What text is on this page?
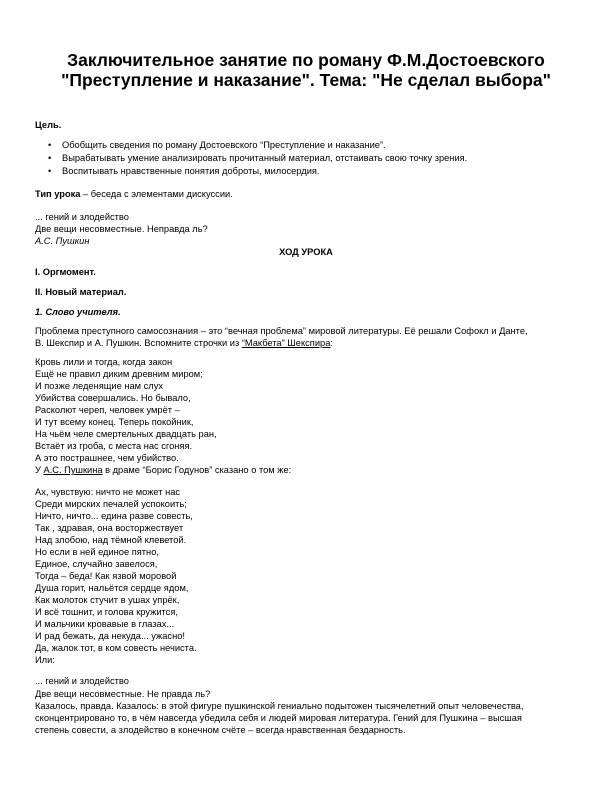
Заключительное занятие по роману Ф.М.Достоевского "Преступление и наказание". Тема: "Не сделал выбора"
Цель.
• Обобщить сведения по роману Достоевского “Преступление и наказание”.
• Вырабатывать умение анализировать прочитанный материал, отстаивать свою точку зрения.
• Воспитывать нравственные понятия доброты, милосердия.
Тип урока – беседа с элементами дискуссии.
... гений и злодейство
Две вещи несовместные. Неправда ль?
А.С. Пушкин
ХОД УРОКА
I. Оргмомент.
II. Новый материал.
1. Слово учителя.
Проблема преступного самосознания – это “вечная проблема” мировой литературы. Её решали Софокл и Данте,
В. Шекспир и А. Пушкин. Вспомните строчки из “Макбета” Шекспира:
Кровь лили и тогда, когда закон
Ещё не правил диким древним миром;
И позже леденящие нам слух
Убийства совершались. Но бывало,
Расколют череп, человек умрёт –
И тут всему конец. Теперь покойник,
На чьём челе смертельных двадцать ран,
Встаёт из гроба, с места нас сгоняя.
А это пострашнее, чем убийство.
У А.С. Пушкина в драме “Борис Годунов” сказано о том же:
Ах, чувствую: ничто не может нас
Среди мирских печалей успокоить;
Ничто, ничто... едина разве совесть,
Так , здравая, она восторжествует
Над злобою, над тёмной клеветой.
Но если в ней единое пятно,
Единое, случайно завелося,
Тогда – беда! Как язвой моровой
Душа горит, нальётся сердце ядом,
Как молоток стучит в ушах упрёк,
И всё тошнит, и голова кружится,
И мальчики кровавые в глазах...
И рад бежать, да некуда... ужасно!
Да, жалок тот, в ком совесть нечиста.
Или:
... гений и злодейство
Две вещи несовместные. Не правда ль?
Казалось, правда. Казалось: в этой фигуре пушкинской гениально подытожен тысячелетний опыт человечества,
сконцентрировано то, в чём навсегда убедила себя и людей мировая литература. Гений для Пушкина – высшая
степень совести, а злодейство в конечном счёте – всегда нравственная бездарность.
